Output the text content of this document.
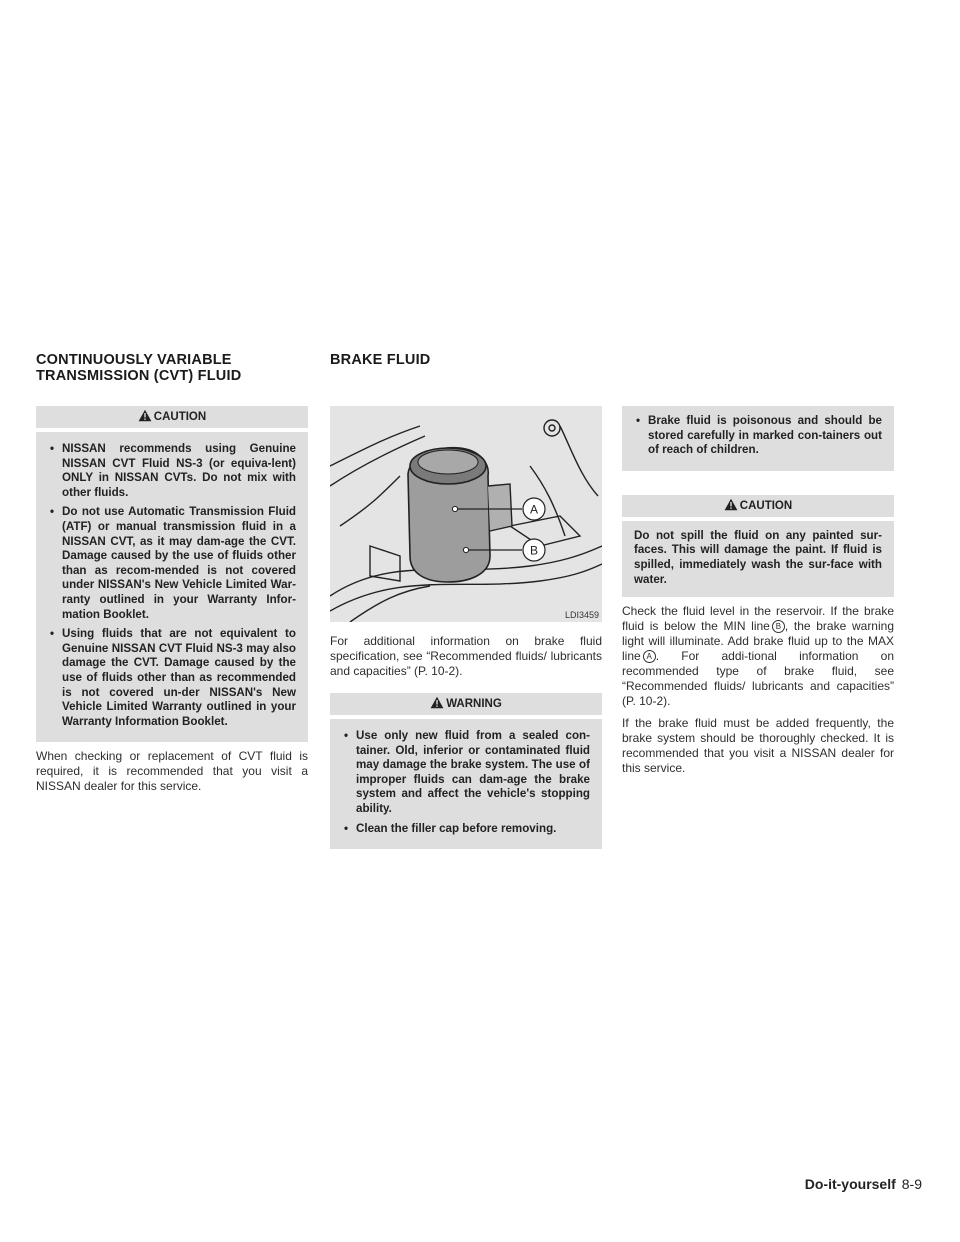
CONTINUOUSLY VARIABLE
TRANSMISSION (CVT) FLUID
BRAKE FLUID
CAUTION
• NISSAN recommends using Genuine NISSAN CVT Fluid NS-3 (or equiva-lent) ONLY in NISSAN CVTs. Do not mix with other fluids.
• Do not use Automatic Transmission Fluid (ATF) or manual transmission fluid in a NISSAN CVT, as it may dam-age the CVT. Damage caused by the use of fluids other than as recom-mended is not covered under NISSAN's New Vehicle Limited War-ranty outlined in your Warranty Infor-mation Booklet.
• Using fluids that are not equivalent to Genuine NISSAN CVT Fluid NS-3 may also damage the CVT. Damage caused by the use of fluids other than as recommended is not covered un-der NISSAN's New Vehicle Limited Warranty outlined in your Warranty Information Booklet.

When checking or replacement of CVT fluid is required, it is recommended that you visit a NISSAN dealer for this service.

A
B
LDI3459

For additional information on brake fluid specification, see “Recommended fluids/ lubricants and capacities” (P. 10-2).

WARNING
• Use only new fluid from a sealed con-tainer. Old, inferior or contaminated fluid may damage the brake system. The use of improper fluids can dam-age the brake system and affect the vehicle's stopping ability.
• Clean the filler cap before removing.
• Brake fluid is poisonous and should be stored carefully in marked con-tainers out of reach of children.
CAUTION

Do not spill the fluid on any painted sur-faces. This will damage the paint. If fluid is spilled, immediately wash the sur-face with water.

Check the fluid level in the reservoir. If the brake fluid is below the MIN line B , the brake warning light will illuminate. Add brake fluid up to the MAX line A . For addi-tional information on recommended type of brake fluid, see “Recommended fluids/ lubricants and capacities” (P. 10-2).

If the brake fluid must be added frequently, the brake system should be thoroughly checked. It is recommended that you visit a NISSAN dealer for this service.

Do-it-yourself 8-9
